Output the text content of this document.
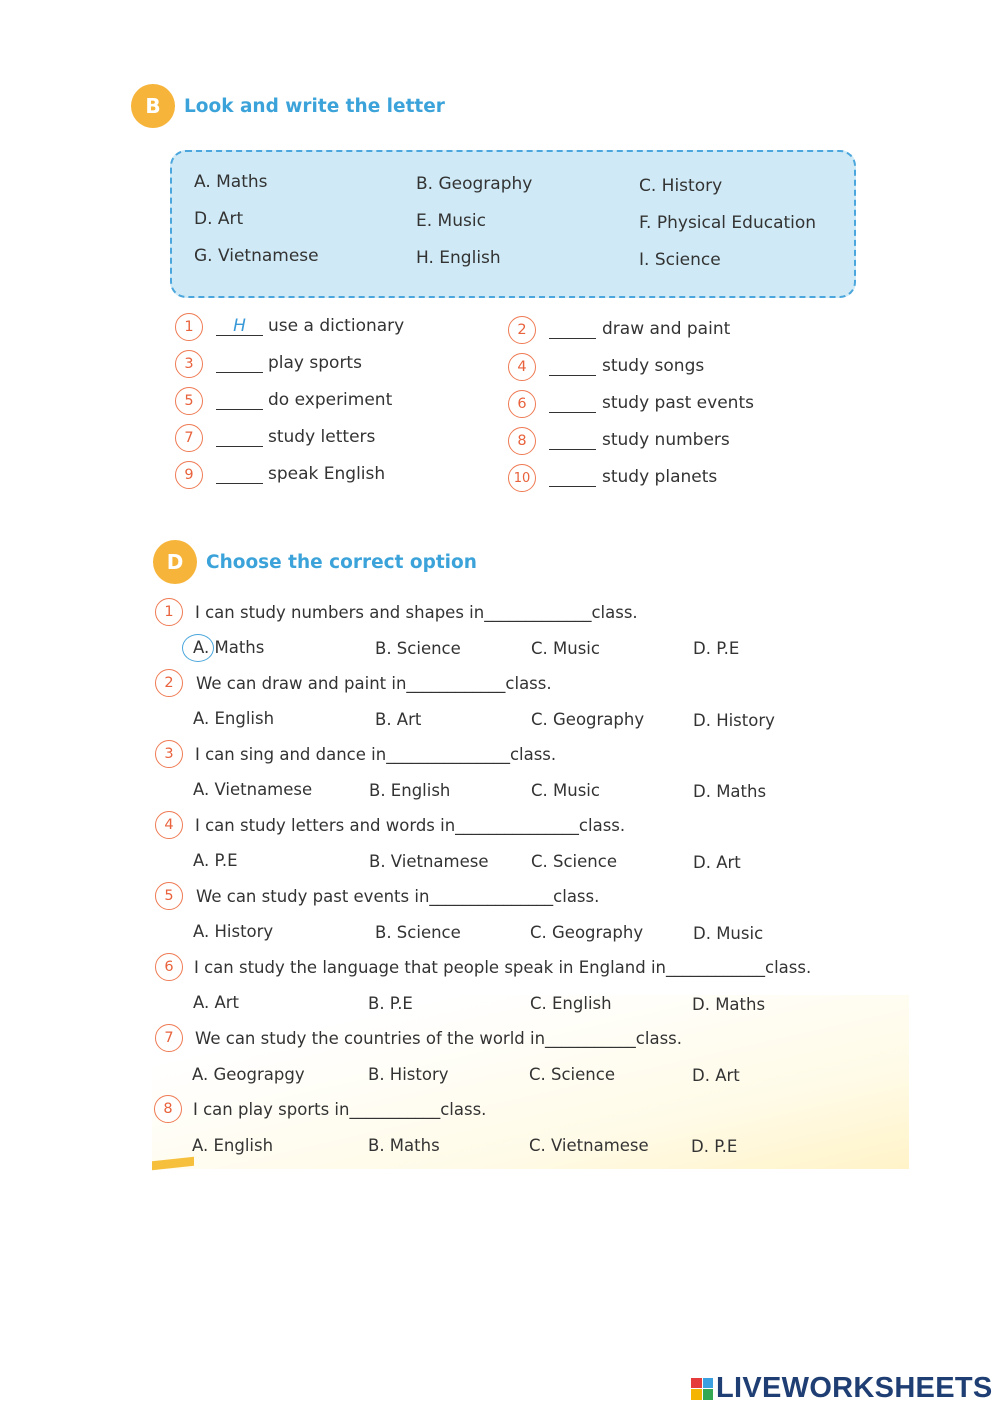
B	Look and write the letter
A. Maths	B. Geography	C. History
D. Art	E. Music	F. Physical Education
G. Vietnamese	H. English	I. Science
1	H	use a dictionary
3	play sports
5	do experiment
7	study letters
9	speak English
2	draw and paint
4	study songs
6	study past events
8	study numbers
10	study planets
D	Choose the correct option
1	I can study numbers and shapes in_____________class.
A. Maths	B. Science	C. Music	D. P.E
2	We can draw and paint in____________class.
A. English	B. Art	C. Geography	D. History
3	I can sing and dance in_______________class.
A. Vietnamese	B. English	C. Music	D. Maths
4	I can study letters and words in_______________class.
A. P.E	B. Vietnamese	C. Science	D. Art
5	We can study past events in_______________class.
A. History	B. Science	C. Geography	D. Music
6	I can study the language that people speak in England in____________class.
A. Art	B. P.E	C. English	D. Maths
7	We can study the countries of the world in___________class.
A. Geograpgy	B. History	C. Science	D. Art
8	I can play sports in___________class.
A. English	B. Maths	C. Vietnamese	D. P.E
LIVEWORKSHEETS
